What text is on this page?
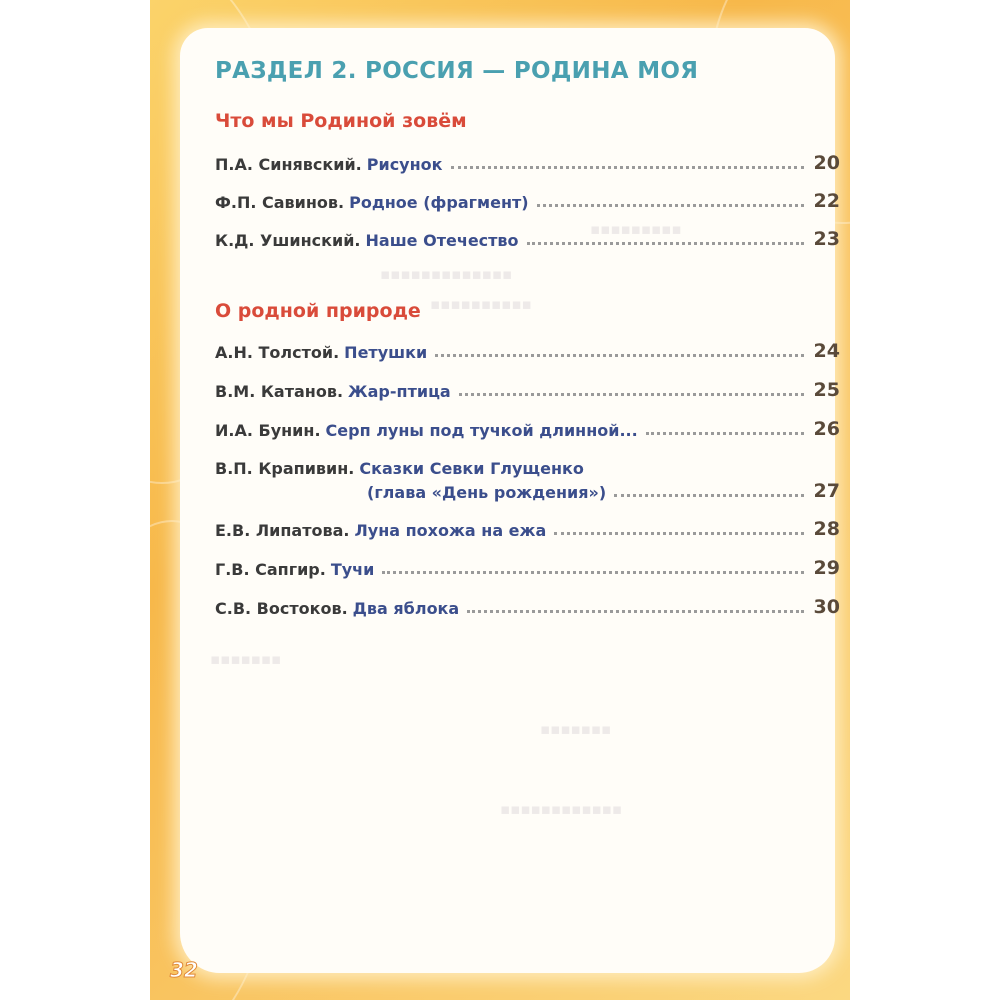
▪▪▪▪▪▪▪▪▪
▪▪▪▪▪▪▪▪▪▪▪▪▪
▪▪▪▪▪▪▪▪▪▪
▪▪▪▪▪▪▪
▪▪▪▪▪▪▪
▪▪▪▪▪▪▪▪▪▪▪▪
РАЗДЕЛ 2. РОССИЯ — РОДИНА МОЯ
Что мы Родиной зовём
П.А. Синявский. Рисунок	20
Ф.П. Савинов. Родное (фрагмент)	22
К.Д. Ушинский. Наше Отечество	23
О родной природе
А.Н. Толстой. Петушки	24
В.М. Катанов. Жар-птица	25
И.А. Бунин. Серп луны под тучкой длинной...	26
В.П. Крапивин. Сказки Севки Глущенко
(глава «День рождения»)	27
Е.В. Липатова. Луна похожа на ежа	28
Г.В. Сапгир. Тучи	29
С.В. Востоков. Два яблока	30
32
